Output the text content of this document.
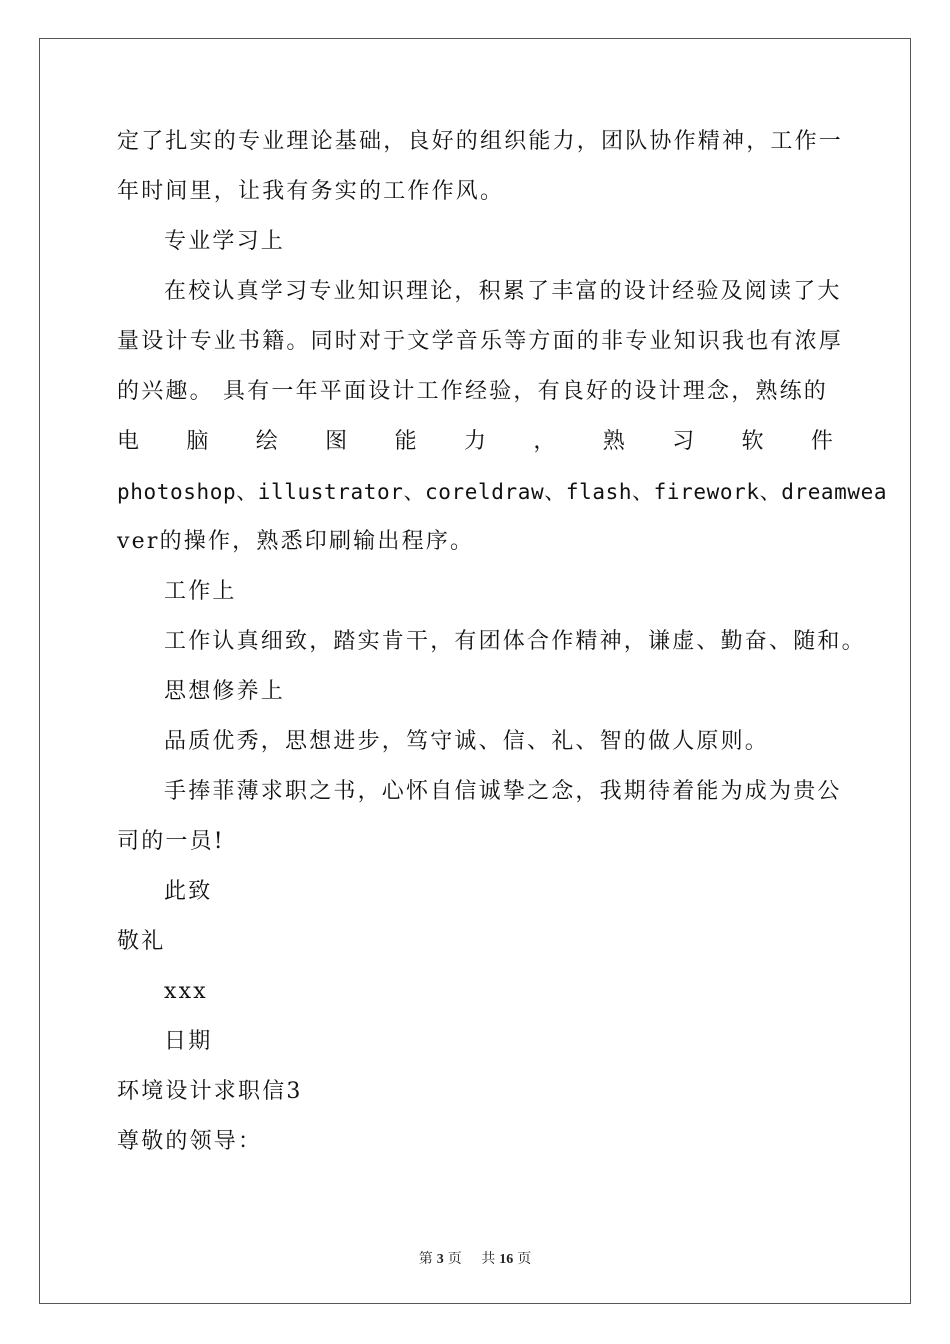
定了扎实的专业理论基础，良好的组织能力，团队协作精神，工作一
年时间里，让我有务实的工作作风。
专业学习上
在校认真学习专业知识理论，积累了丰富的设计经验及阅读了大
量设计专业书籍。同时对于文学音乐等方面的非专业知识我也有浓厚
的兴趣。 具有一年平面设计工作经验，有良好的设计理念，熟练的
电 脑 绘 图 能 力 ， 熟 习 软 件
photoshop、illustrator、coreldraw、flash、firework、dreamwea
ver的操作，熟悉印刷输出程序。
工作上
工作认真细致，踏实肯干，有团体合作精神，谦虚、勤奋、随和。
思想修养上
品质优秀，思想进步，笃守诚、信、礼、智的做人原则。
手捧菲薄求职之书，心怀自信诚挚之念，我期待着能为成为贵公
司的一员!
此致
敬礼
xxx
日期
环境设计求职信3
尊敬的领导：
第 3 页 共 16 页
